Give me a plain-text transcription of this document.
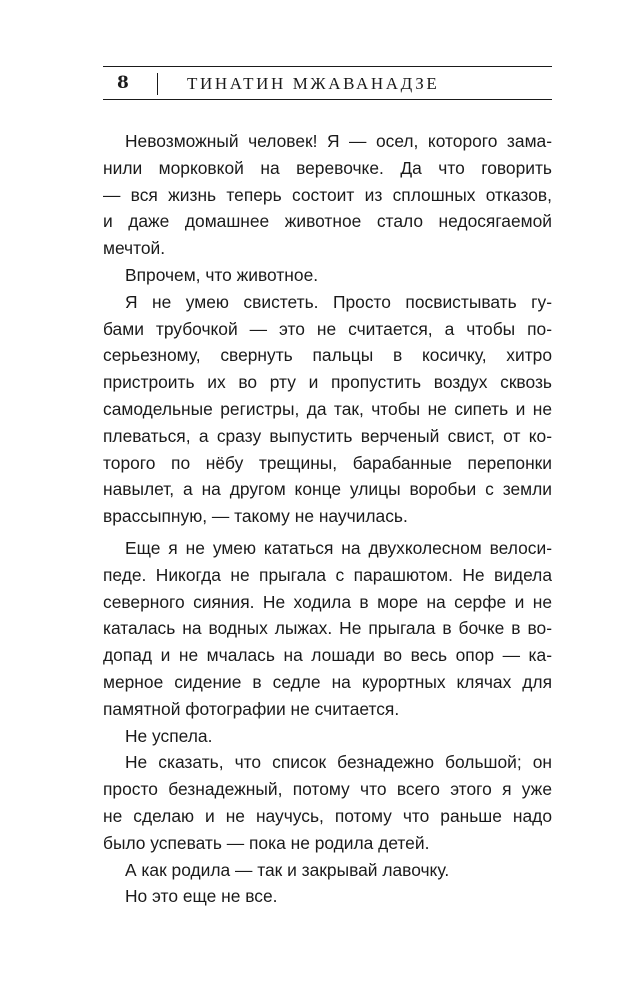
8	ТИНАТИН МЖАВАНАДЗЕ
Невозможный человек! Я — осел, которого зама-
нили морковкой на веревочке. Да что говорить
— вся жизнь теперь состоит из сплошных отказов,
и даже домашнее животное стало недосягаемой
мечтой.
Впрочем, что животное.
Я не умею свистеть. Просто посвистывать гу-
бами трубочкой — это не считается, а чтобы по-
серьезному, свернуть пальцы в косичку, хитро
пристроить их во рту и пропустить воздух сквозь
самодельные регистры, да так, чтобы не сипеть и не
плеваться, а сразу выпустить верченый свист, от ко-
торого по нёбу трещины, барабанные перепонки
навылет, а на другом конце улицы воробьи с земли
врассыпную, — такому не научилась.
Еще я не умею кататься на двухколесном велоси-
педе. Никогда не прыгала с парашютом. Не видела
северного сияния. Не ходила в море на серфе и не
каталась на водных лыжах. Не прыгала в бочке в во-
допад и не мчалась на лошади во весь опор — ка-
мерное сидение в седле на курортных клячах для
памятной фотографии не считается.
Не успела.
Не сказать, что список безнадежно большой; он
просто безнадежный, потому что всего этого я уже
не сделаю и не научусь, потому что раньше надо
было успевать — пока не родила детей.
А как родила — так и закрывай лавочку.
Но это еще не все.
